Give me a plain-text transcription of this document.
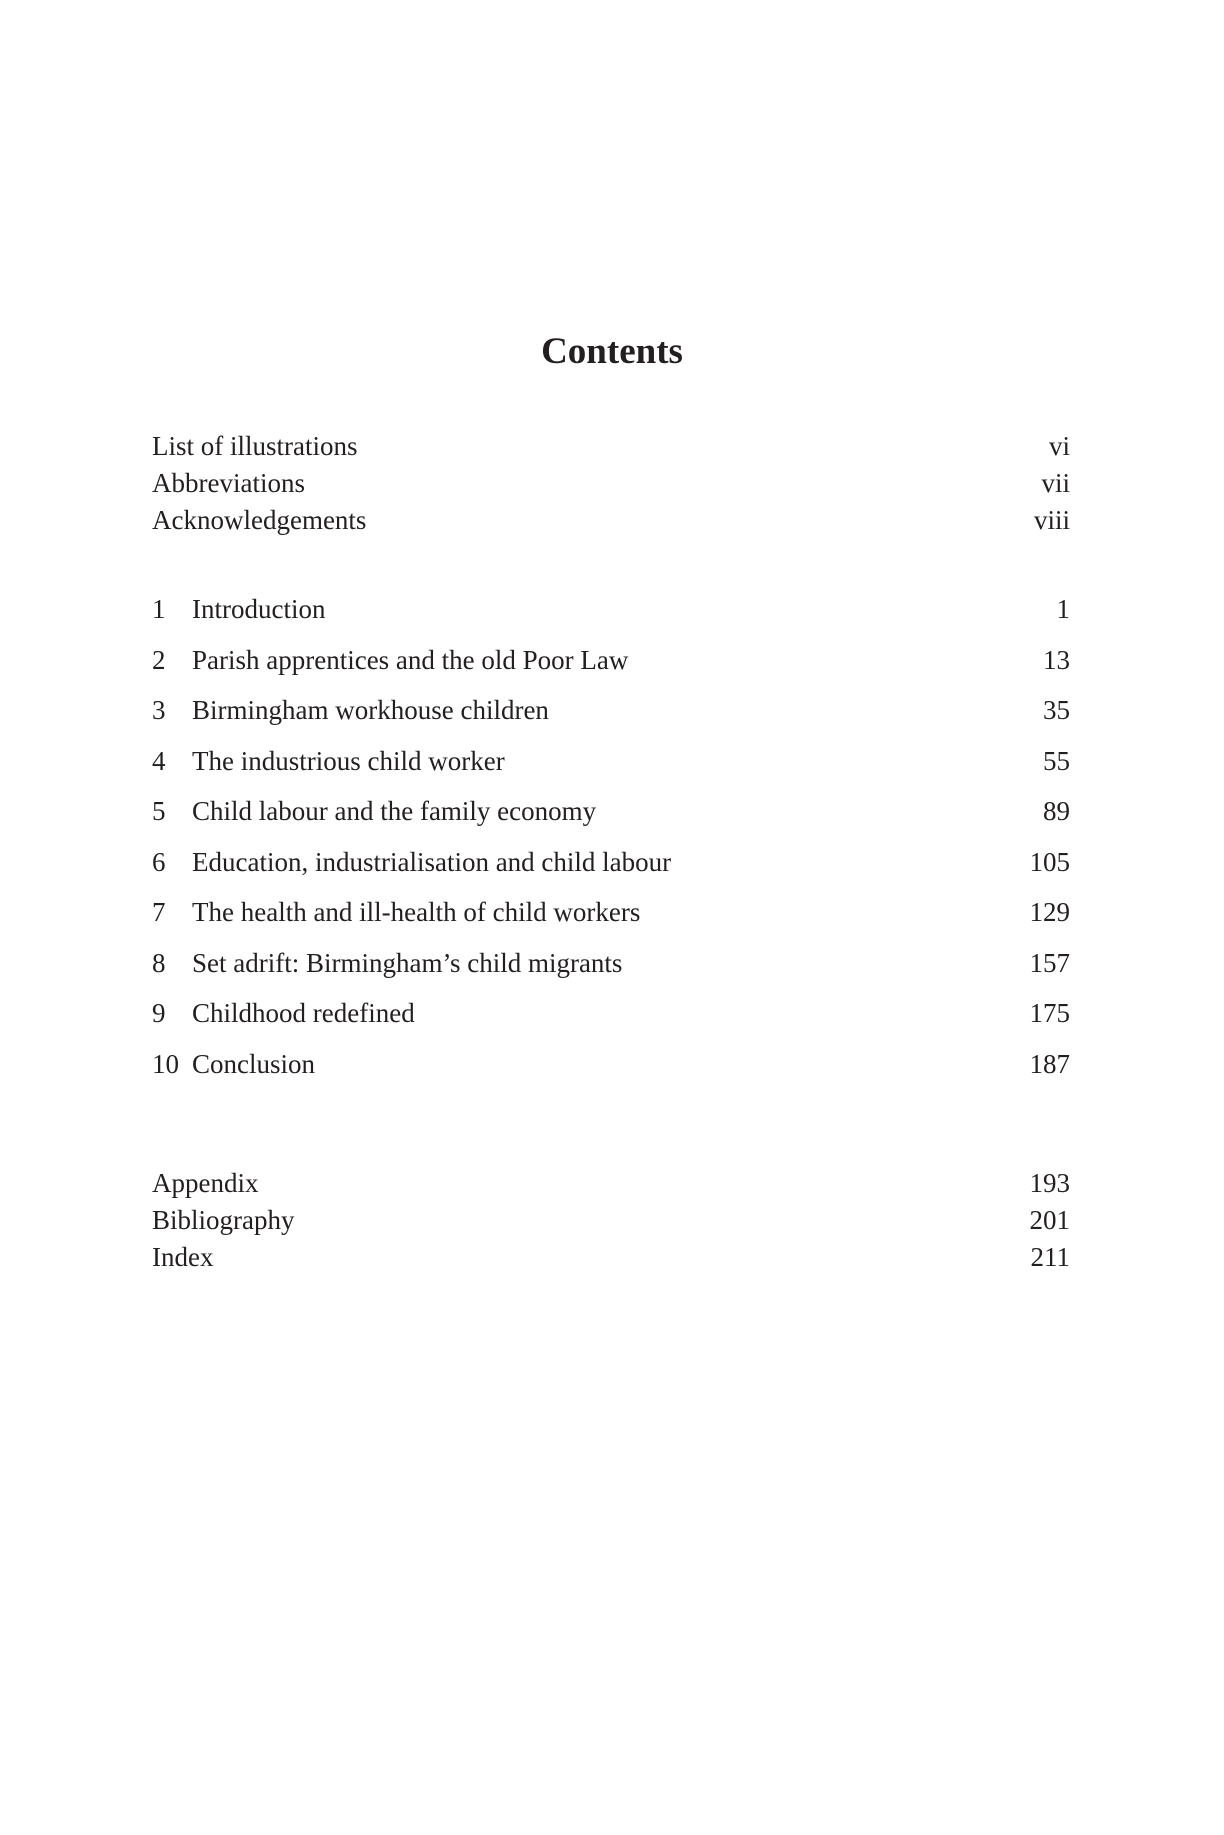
Contents
List of illustrations	vi
Abbreviations	vii
Acknowledgements	viii
1 Introduction	1
2 Parish apprentices and the old Poor Law	13
3 Birmingham workhouse children	35
4 The industrious child worker	55
5 Child labour and the family economy	89
6 Education, industrialisation and child labour	105
7 The health and ill-health of child workers	129
8 Set adrift: Birmingham’s child migrants	157
9 Childhood redefined	175
10 Conclusion	187
Appendix	193
Bibliography	201
Index	211
